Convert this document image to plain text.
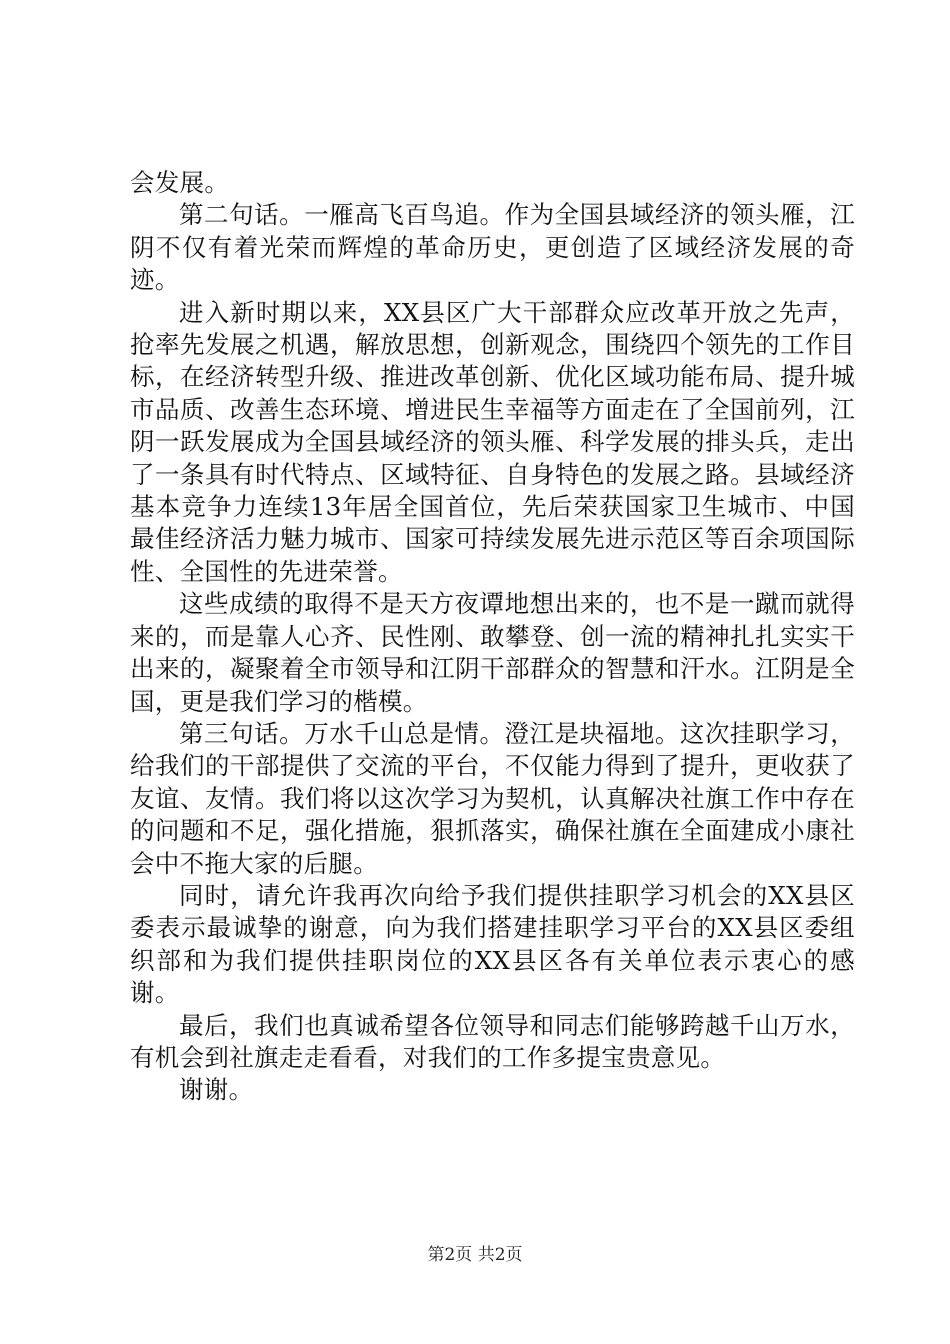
会发展。

第二句话。一雁高飞百鸟追。作为全国县域经济的领头雁，江阴不仅有着光荣而辉煌的革命历史，更创造了区域经济发展的奇迹。

进入新时期以来，XX县区广大干部群众应改革开放之先声，抢率先发展之机遇，解放思想，创新观念，围绕四个领先的工作目标，在经济转型升级、推进改革创新、优化区域功能布局、提升城市品质、改善生态环境、增进民生幸福等方面走在了全国前列，江阴一跃发展成为全国县域经济的领头雁、科学发展的排头兵，走出了一条具有时代特点、区域特征、自身特色的发展之路。县域经济基本竞争力连续13年居全国首位，先后荣获国家卫生城市、中国最佳经济活力魅力城市、国家可持续发展先进示范区等百余项国际性、全国性的先进荣誉。

这些成绩的取得不是天方夜谭地想出来的，也不是一蹴而就得来的，而是靠人心齐、民性刚、敢攀登、创一流的精神扎扎实实干出来的，凝聚着全市领导和江阴干部群众的智慧和汗水。江阴是全国，更是我们学习的楷模。

第三句话。万水千山总是情。澄江是块福地。这次挂职学习，给我们的干部提供了交流的平台，不仅能力得到了提升，更收获了友谊、友情。我们将以这次学习为契机，认真解决社旗工作中存在的问题和不足，强化措施，狠抓落实，确保社旗在全面建成小康社会中不拖大家的后腿。

同时，请允许我再次向给予我们提供挂职学习机会的XX县区委表示最诚挚的谢意，向为我们搭建挂职学习平台的XX县区委组织部和为我们提供挂职岗位的XX县区各有关单位表示衷心的感谢。

最后，我们也真诚希望各位领导和同志们能够跨越千山万水，有机会到社旗走走看看，对我们的工作多提宝贵意见。

谢谢。

第2页 共2页
